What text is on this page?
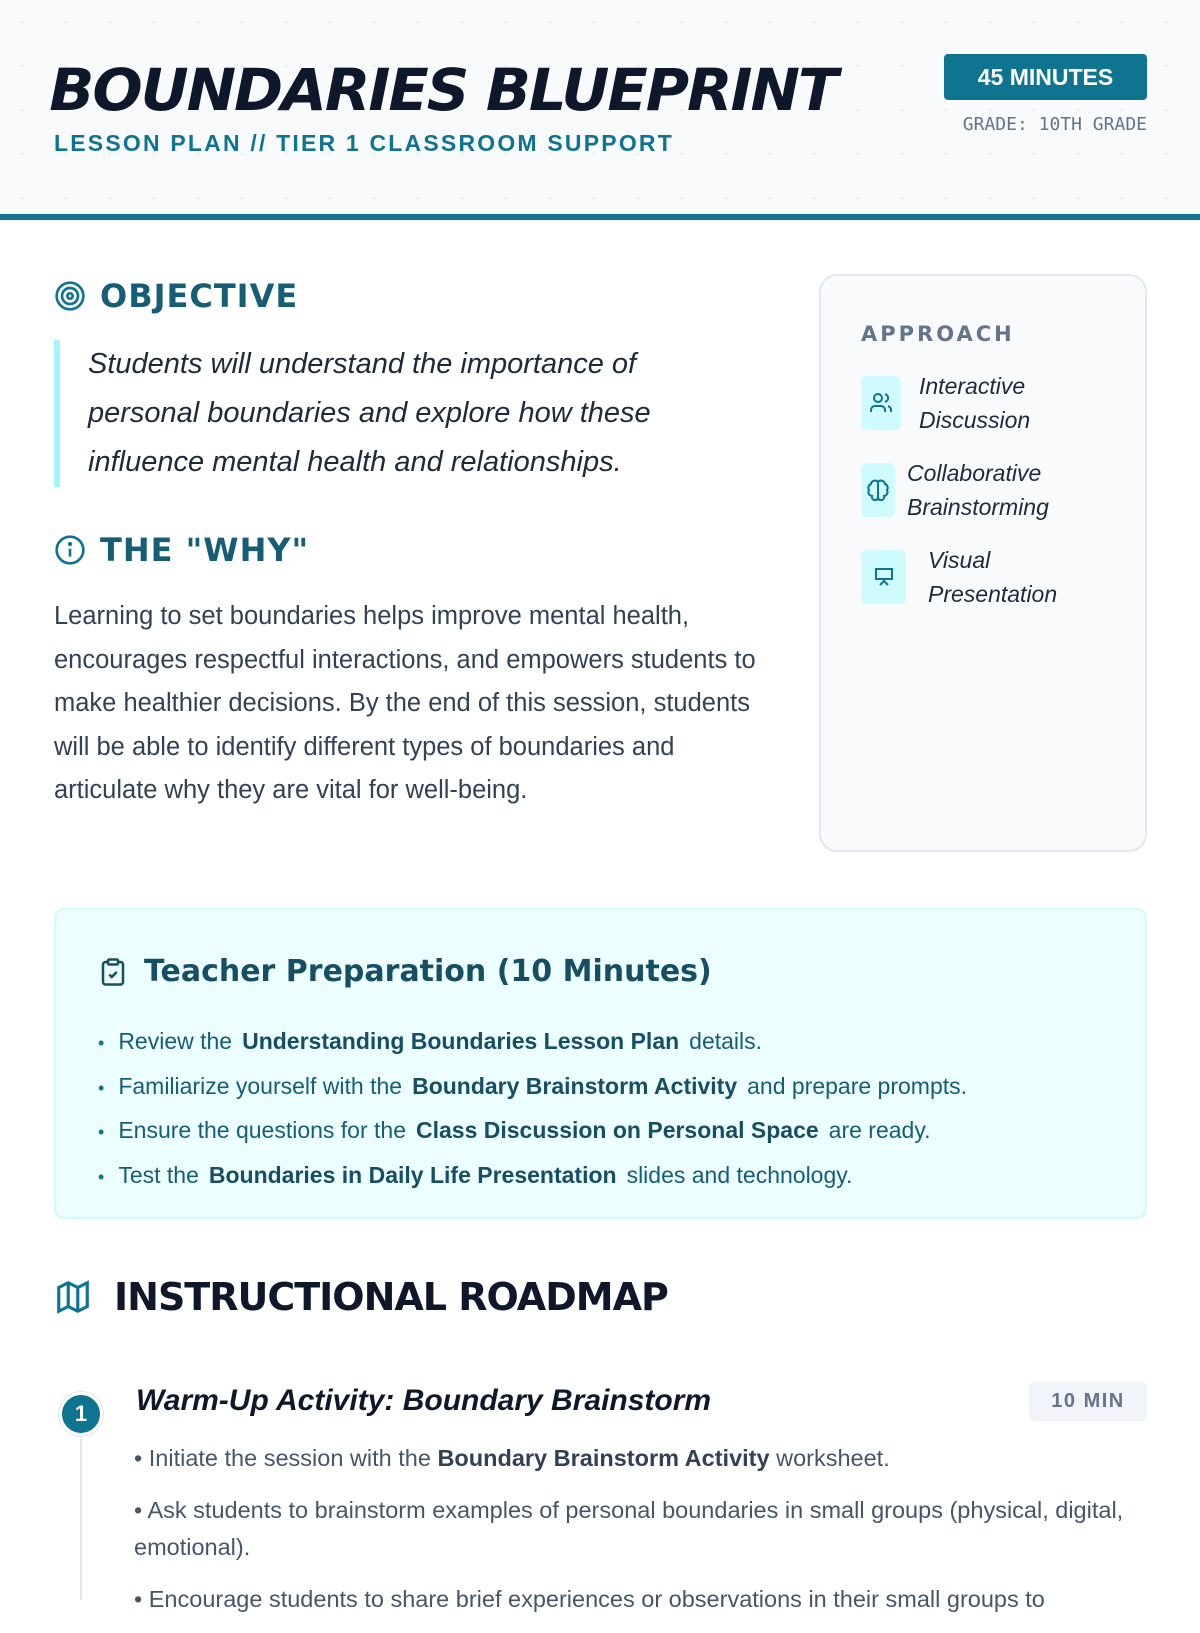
BOUNDARIES BLUEPRINT
LESSON PLAN // TIER 1 CLASSROOM SUPPORT
45 MINUTES
GRADE: 10TH GRADE
OBJECTIVE
Students will understand the importance of personal boundaries and explore how these influence mental health and relationships.
THE "WHY"
Learning to set boundaries helps improve mental health, encourages respectful interactions, and empowers students to make healthier decisions. By the end of this session, students will be able to identify different types of boundaries and articulate why they are vital for well-being.
APPROACH
Interactive Discussion
Collaborative Brainstorming
Visual Presentation
Teacher Preparation (10 Minutes)
• Review the Understanding Boundaries Lesson Plan details.
• Familiarize yourself with the Boundary Brainstorm Activity and prepare prompts.
• Ensure the questions for the Class Discussion on Personal Space are ready.
• Test the Boundaries in Daily Life Presentation slides and technology.
INSTRUCTIONAL ROADMAP
1	Warm-Up Activity: Boundary Brainstorm	10 MIN

• Initiate the session with the Boundary Brainstorm Activity worksheet.

• Ask students to brainstorm examples of personal boundaries in small groups (physical, digital, emotional).

• Encourage students to share brief experiences or observations in their small groups to
